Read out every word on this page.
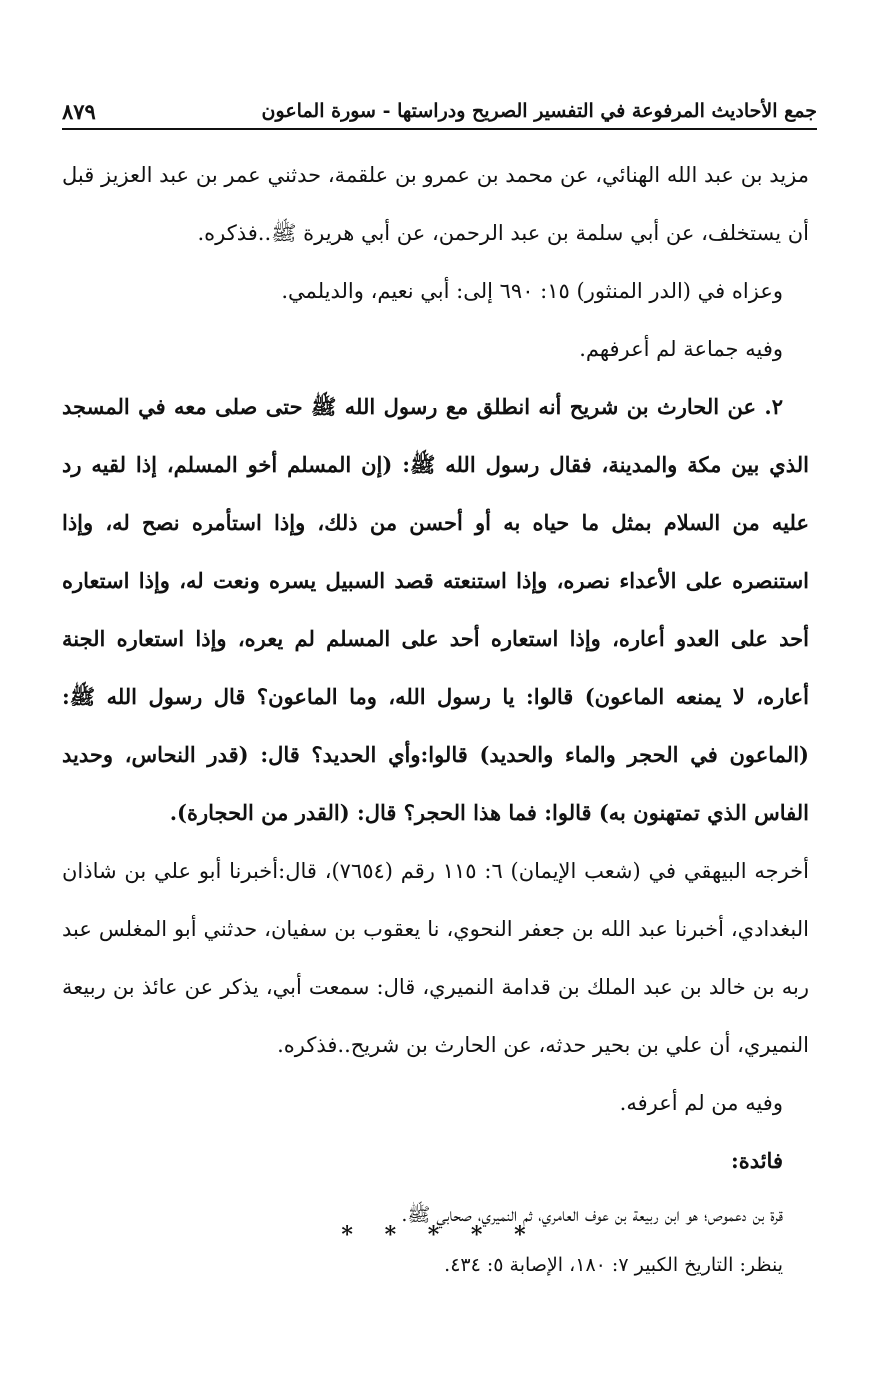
جمع الأحاديث المرفوعة في التفسير الصريح ودراستها - سورة الماعون
٨٧٩

مزيد بن عبد الله الهنائي، عن محمد بن عمرو بن علقمة، حدثني عمر بن عبد العزيز قبل أن يستخلف، عن أبي سلمة بن عبد الرحمن، عن أبي هريرة ﷺ..فذكره.

وعزاه في (الدر المنثور) ١٥: ٦٩٠ إلى: أبي نعيم، والديلمي.

وفيه جماعة لم أعرفهم.

٢. عن الحارث بن شريح أنه انطلق مع رسول الله ﷺ حتى صلى معه في المسجد الذي بين مكة والمدينة، فقال رسول الله ﷺ: (إن المسلم أخو المسلم، إذا لقيه رد عليه من السلام بمثل ما حياه به أو أحسن من ذلك، وإذا استأمره نصح له، وإذا استنصره على الأعداء نصره، وإذا استنعته قصد السبيل يسره ونعت له، وإذا استعاره أحد على العدو أعاره، وإذا استعاره أحد على المسلم لم يعره، وإذا استعاره الجنة أعاره، لا يمنعه الماعون) قالوا: يا رسول الله، وما الماعون؟ قال رسول الله ﷺ: (الماعون في الحجر والماء والحديد) قالوا:وأي الحديد؟ قال: (قدر النحاس، وحديد الفاس الذي تمتهنون به) قالوا: فما هذا الحجر؟ قال: (القدر من الحجارة).

أخرجه البيهقي في (شعب الإيمان) ٦: ١١٥ رقم (٧٦٥٤)، قال:أخبرنا أبو علي بن شاذان البغدادي، أخبرنا عبد الله بن جعفر النحوي، نا يعقوب بن سفيان، حدثني أبو المغلس عبد ربه بن خالد بن عبد الملك بن قدامة النميري، قال: سمعت أبي، يذكر عن عائذ بن ربيعة النميري، أن علي بن بحير حدثه، عن الحارث بن شريح..فذكره.

وفيه من لم أعرفه.

فائدة:

قرة بن دعموص؛ هو ابن ربيعة بن عوف العامري، ثم النميري، صحابي ﷺ.

ينظر: التاريخ الكبير ٧: ١٨٠، الإصابة ٥: ٤٣٤.

* * * * *
